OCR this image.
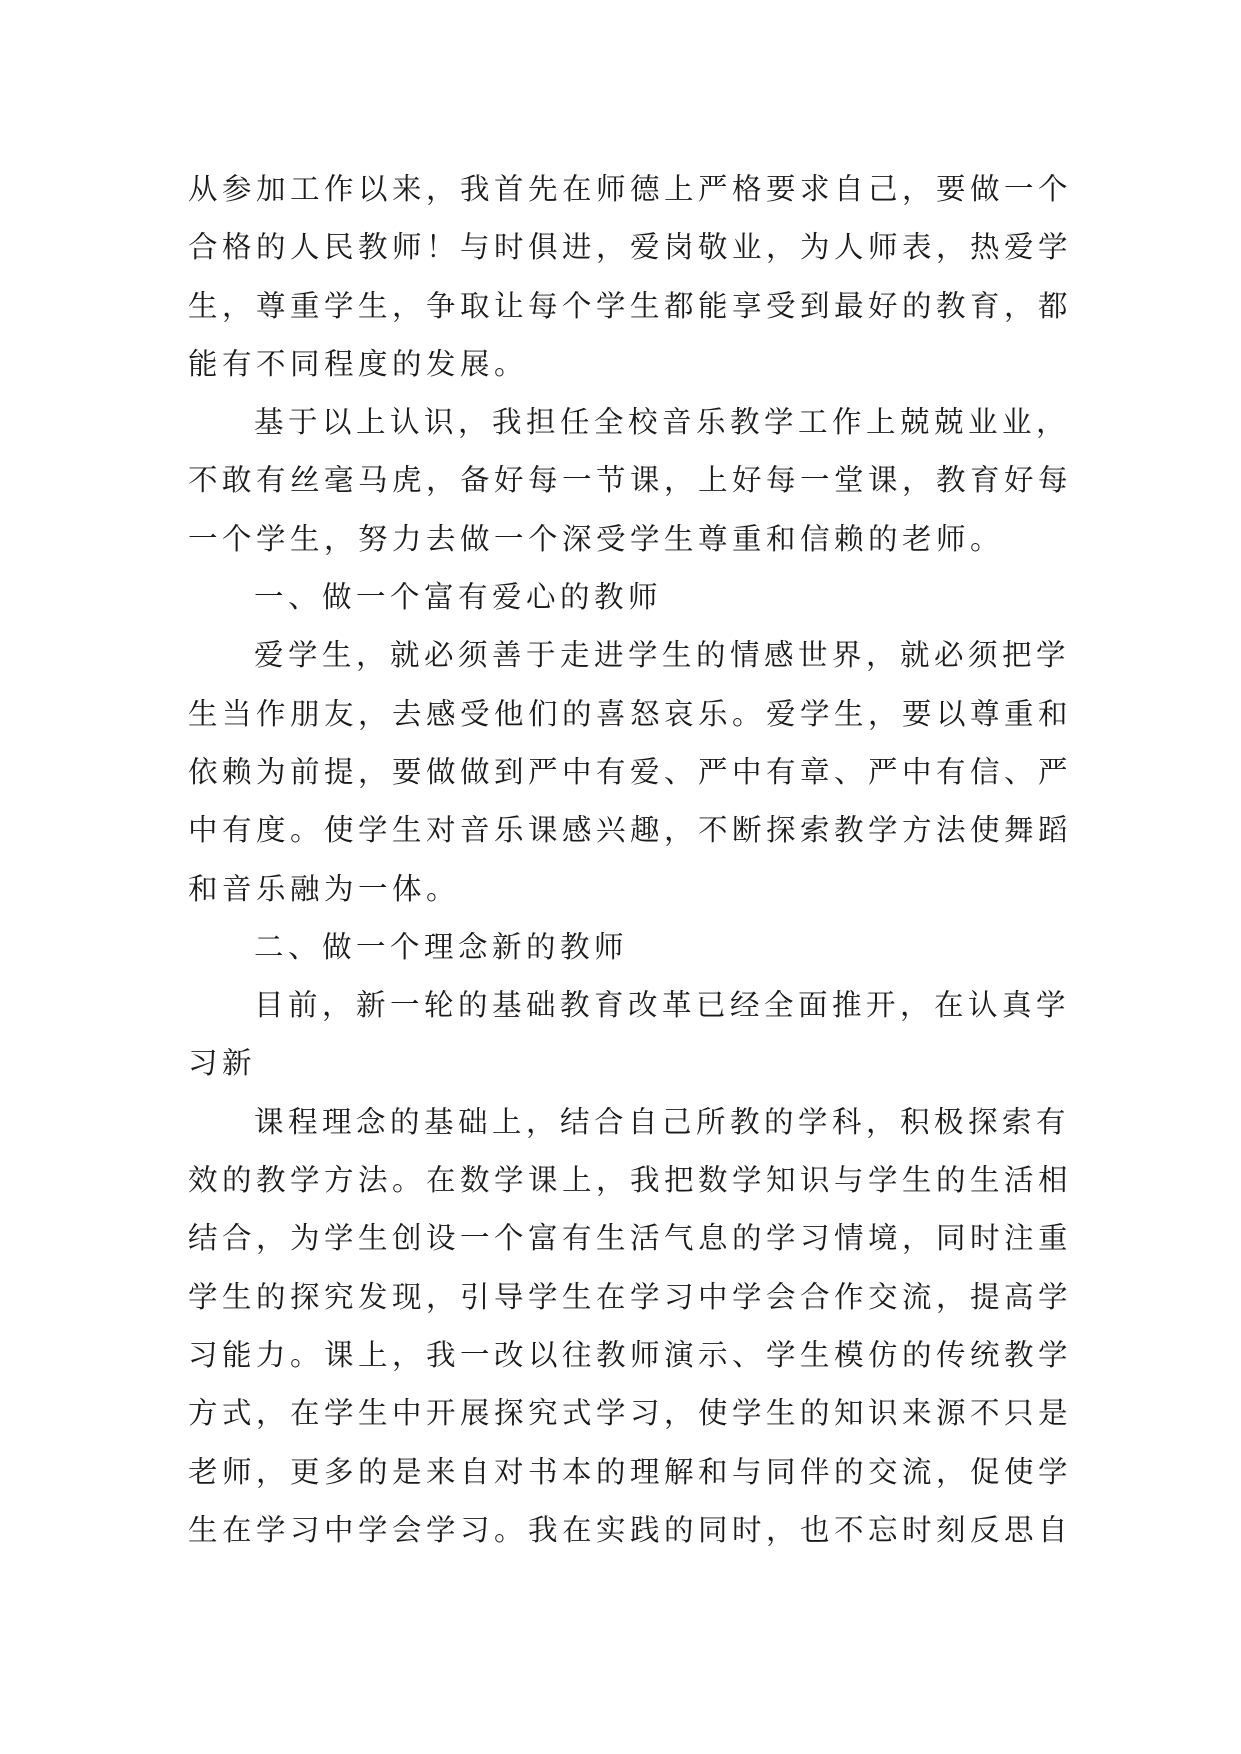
从参加工作以来，我首先在师德上严格要求自己，要做一个
合格的人民教师！与时俱进，爱岗敬业，为人师表，热爱学
生，尊重学生，争取让每个学生都能享受到最好的教育，都
能有不同程度的发展。
基于以上认识，我担任全校音乐教学工作上兢兢业业，
不敢有丝毫马虎，备好每一节课，上好每一堂课，教育好每
一个学生，努力去做一个深受学生尊重和信赖的老师。
一、做一个富有爱心的教师
爱学生，就必须善于走进学生的情感世界，就必须把学
生当作朋友，去感受他们的喜怒哀乐。爱学生，要以尊重和
依赖为前提，要做做到严中有爱、严中有章、严中有信、严
中有度。使学生对音乐课感兴趣，不断探索教学方法使舞蹈
和音乐融为一体。
二、做一个理念新的教师
目前，新一轮的基础教育改革已经全面推开，在认真学
习新
课程理念的基础上，结合自己所教的学科，积极探索有
效的教学方法。在数学课上，我把数学知识与学生的生活相
结合，为学生创设一个富有生活气息的学习情境，同时注重
学生的探究发现，引导学生在学习中学会合作交流，提高学
习能力。课上，我一改以往教师演示、学生模仿的传统教学
方式，在学生中开展探究式学习，使学生的知识来源不只是
老师，更多的是来自对书本的理解和与同伴的交流，促使学
生在学习中学会学习。我在实践的同时，也不忘时刻反思自
